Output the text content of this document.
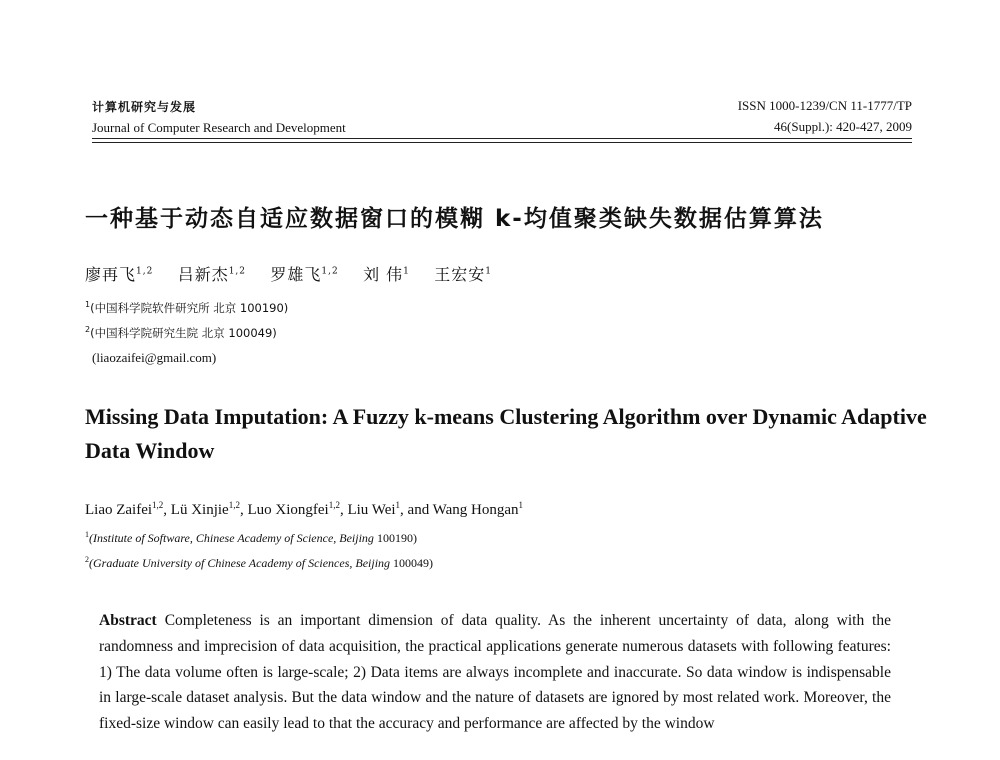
计算机研究与发展
Journal of Computer Research and Development
ISSN 1000-1239/CN 11-1777/TP
46(Suppl.): 420-427, 2009
一种基于动态自适应数据窗口的模糊 k-均值聚类缺失数据估算算法
廖再飞$^{1,2}$ 吕新杰$^{1,2}$ 罗雄飞$^{1,2}$ 刘 伟$^1$ 王宏安$^1$
$^1$(中国科学院软件研究所 北京 100190)
$^2$(中国科学院研究生院 北京 100049)
(liaozaifei@gmail.com)
Missing Data Imputation: A Fuzzy k-means Clustering Algorithm over Dynamic Adaptive Data Window
Liao Zaifei$^{1,2}$, Lü Xinjie$^{1,2}$, Luo Xiongfei$^{1,2}$, Liu Wei$^1$, and Wang Hongan$^1$
$^1$(Institute of Software, Chinese Academy of Science, Beijing 100190)
$^2$(Graduate University of Chinese Academy of Sciences, Beijing 100049)
Abstract Completeness is an important dimension of data quality. As the inherent uncertainty of data, along with the randomness and imprecision of data acquisition, the practical applications generate numerous datasets with following features: 1) The data volume often is large-scale; 2) Data items are always incomplete and inaccurate. So data window is indispensable in large-scale dataset analysis. But the data window and the nature of datasets are ignored by most related work. Moreover, the fixed-size window can easily lead to that the accuracy and performance are affected by the window
